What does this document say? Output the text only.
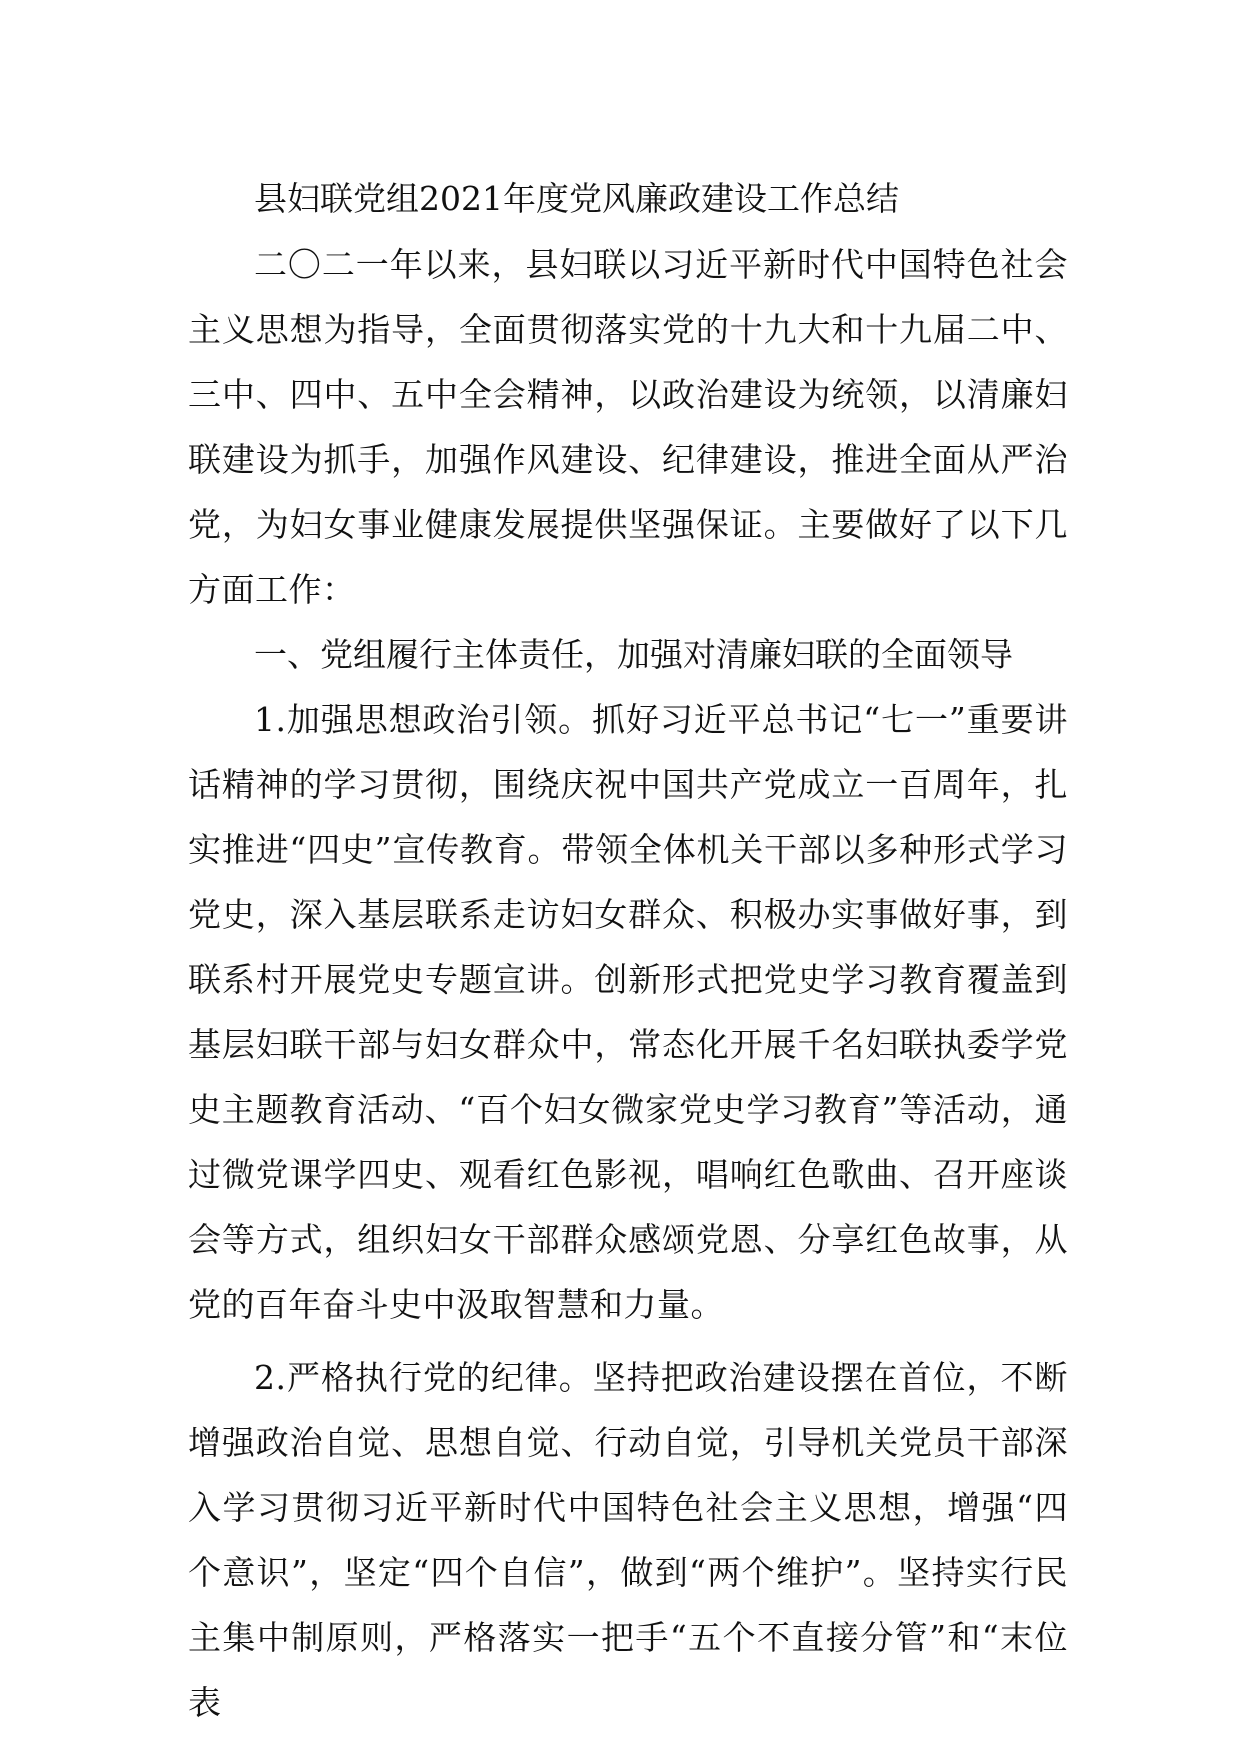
县妇联党组2021年度党风廉政建设工作总结

二〇二一年以来，县妇联以习近平新时代中国特色社会主义思想为指导，全面贯彻落实党的十九大和十九届二中、三中、四中、五中全会精神，以政治建设为统领，以清廉妇联建设为抓手，加强作风建设、纪律建设，推进全面从严治党，为妇女事业健康发展提供坚强保证。主要做好了以下几方面工作：

一、党组履行主体责任，加强对清廉妇联的全面领导

1.加强思想政治引领。抓好习近平总书记“七一”重要讲话精神的学习贯彻，围绕庆祝中国共产党成立一百周年，扎实推进“四史”宣传教育。带领全体机关干部以多种形式学习党史，深入基层联系走访妇女群众、积极办实事做好事，到联系村开展党史专题宣讲。创新形式把党史学习教育覆盖到基层妇联干部与妇女群众中，常态化开展千名妇联执委学党史主题教育活动、“百个妇女微家党史学习教育”等活动，通过微党课学四史、观看红色影视，唱响红色歌曲、召开座谈会等方式，组织妇女干部群众感颂党恩、分享红色故事，从党的百年奋斗史中汲取智慧和力量。

2.严格执行党的纪律。坚持把政治建设摆在首位，不断增强政治自觉、思想自觉、行动自觉，引导机关党员干部深入学习贯彻习近平新时代中国特色社会主义思想，增强“四个意识”，坚定“四个自信”，做到“两个维护”。坚持实行民主集中制原则，严格落实一把手“五个不直接分管”和“末位表
